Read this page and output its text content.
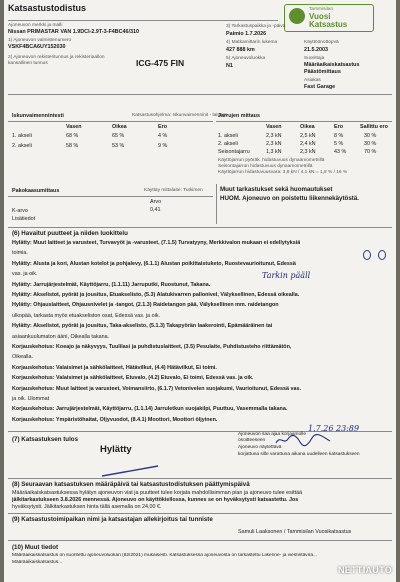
Katsastustodistus	Tammisilan
Vuosi
Katsastus
Ajoneuvon merkki ja malli
Nissan PRIMASTAR VAN 1.9DCI-2.9T-3-F4BC46/310
1) Ajoneuvon valmistenumero
VSKF4BCA6UY152030
2) Ajoneuvon rekisteritunnus ja rekisteriaallon kansallinen tunnus	ICG-475 FIN
3) Tarkastuspaikka ja -päivä
Paimio 1.7.2026
4) Matkamittarin lukema
427 888 km
5) Ajoneuvoluokka
N1
Käyttöönottopvä
21.5.2003
Suorittaja
Määräaikaiskatsastus
Päästömittaus
Asiakas
Fast Garage
Iskunvaimennintesti	Katsastusohjelma: Iskunvaimenninit - laitteet
Vasen	Oikea	Ero
1. akseli	68 %	65 %	4 %
2. akseli	58 %	53 %	9 %
Jarrujen mittaus
Vasen	Oikea	Ero	Sallittu ero
1. akseli	2,3 kN	2,5 kN	8 %	30 %
2. akseli	2,3 kN	2,4 kN	5 %	30 %
Seisontajarru	1,3 kN	2,3 kN	43 %	70 %
Käyttöjarrun pyöräk. hidastuvuus dynaamometrillä
Seisontajarrun hidastuvuus dynaamometrillä
Käyttöjarrun hidastuvuusvara: 3,8 kN / 4,1 kN = 1,8 % / 16 %
Pakokaasumittaus	Käyttäy mittalaite: Tutkimen
Arvo
K-arvo	0,41
Lisätiedot
Muut tarkastukset sekä huomautukset
HUOM. Ajoneuvo on poistettu liikennekäytöstä.
(6) Havaitut puutteet ja niiden luokittelu
Hylätty: Muut laitteet ja varusteet, Turvavyöt ja -varusteet, (7.1.5) Turvatyyny, Merkkivalon mukaan ei edellytyksiä
toimia.
Hylätty: Alusta ja kori, Alustan kotelot ja pohjalevy, (6.1.1) Alustan poikittaistuketo, Ruostevaurioitunut, Edessä
vas. ja oik.
Hylätty: Jarrujärjestelmät, Käyttöjarru, (1.1.11) Jarruputki, Ruostunut, Takana.
Hylätty: Akselistot, pyörät ja jousitus, Etuakselisto, (5.3) Alatukivarren palloniveI, Välyksellinen, Edessä oikealla.
Hylätty: Ohjauslaitteet, Ohjausnivelet ja -tangot, (2.1.3) Raidetangon pää, Välyksellinen mm. raidetangon
ulkopää, tarkasta myös etuakseliston osat, Edessä vas. ja oik.
Hylätty: Akselistot, pyörät ja jousitus, Taka-akselisto, (5.1.3) Takapyörän laakerointi, Epämääräinen tai
asiaankuulumaton ääni, Oikealla takana.
Korjauskehotus: Koeajo ja näkyvyys, Tuulilasi ja puhdistuslaitteet, (3.5) Pesulaite, Puhdistusteho riittämätön,
Oikealla.
Korjauskehotus: Valaisimet ja sähkölaitteet, Hätävilkut, (4.4) Hätävilkut, Ei toimi.
Korjauskehotus: Valaisimet ja sähkölaitteet, Etuvalo, (4.2) Etuvalo, Ei toimi, Edessä vas. ja oik.
Korjauskehotus: Muut laitteet ja varusteet, Voimansiirto, (6.1.7) Vetonivelen suojakumi, Vaurioitunut, Edessä vas.
ja oik. Ulommat
Korjauskehotus: Jarrujärjestelmät, Käyttöjarru, (1.1.14) Jarruletkun suojakilpi, Puuttuu, Vasemmalla takana.
Korjauskehotus: Ympäristöhaitat, Öljyvuodot, (8.4.1) Moottori, Moottori öljyinen.
Tarkin pääll
(7) Katsastuksen tulos
Hylätty
Ajoneuvon saa ajaa korjaamolle
osoitteeseen
Ajoneuvo näytettävä
korjattuna sille varattuna aikana uudelleen katsastukseen
1.7.26 23:89
(8) Seuraavan katsastuksen määräpäivä tai katsastustodistuksen päättymispäivä
Määräaikaiskatsastuksessa hylätyn ajoneuvon viat ja puutteet tulee korjata mahdollisimman pian ja ajoneuvo tulee esittää
jälkitarkastukseen 3.8.2026 mennessä. Ajoneuvo on käyttökiellossa, kunnes se on hyväksytysti katsastettu. Jos
hyväksytysti. Jälkitarkastuksen hinta tällä asemalla on 24,00 €.
(9) Katsastustoimipaikan nimi ja katsastajan allekirjoitus tai tunniste
Samuli Laaksonen / Tammisilan Vuosikatsastus
(10) Muut tiedot
Määräaikaiskatsastus on suoritettu ajoneuvoluokan (82/2021) mukaisesti. Katsastuksessa ajoneuvosta on tarkastettu Liikenne- ja viestintävira...
Määräaikaiskatsastus...
NETTIAUTO
